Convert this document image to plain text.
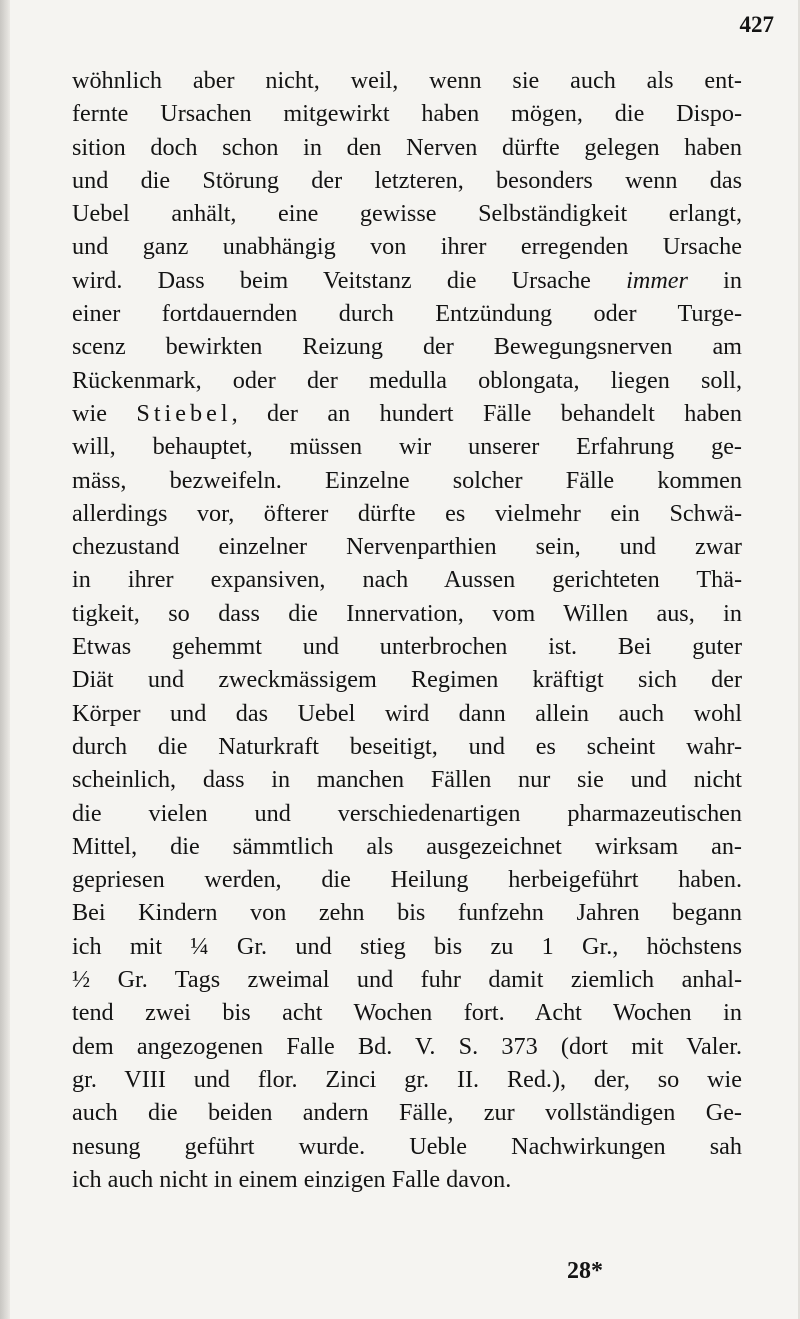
427
wöhnlich aber nicht, weil, wenn sie auch als ent-
fernte Ursachen mitgewirkt haben mögen, die Dispo-
sition doch schon in den Nerven dürfte gelegen haben
und die Störung der letzteren, besonders wenn das
Uebel anhält, eine gewisse Selbständigkeit erlangt,
und ganz unabhängig von ihrer erregenden Ursache
wird. Dass beim Veitstanz die Ursache immer in
einer fortdauernden durch Entzündung oder Turge-
scenz bewirkten Reizung der Bewegungsnerven am
Rückenmark, oder der medulla oblongata, liegen soll,
wie Stiebel, der an hundert Fälle behandelt haben
will, behauptet, müssen wir unserer Erfahrung ge-
mäss, bezweifeln. Einzelne solcher Fälle kommen
allerdings vor, öfterer dürfte es vielmehr ein Schwä-
chezustand einzelner Nervenparthien sein, und zwar
in ihrer expansiven, nach Aussen gerichteten Thä-
tigkeit, so dass die Innervation, vom Willen aus, in
Etwas gehemmt und unterbrochen ist. Bei guter
Diät und zweckmässigem Regimen kräftigt sich der
Körper und das Uebel wird dann allein auch wohl
durch die Naturkraft beseitigt, und es scheint wahr-
scheinlich, dass in manchen Fällen nur sie und nicht
die vielen und verschiedenartigen pharmazeutischen
Mittel, die sämmtlich als ausgezeichnet wirksam an-
gepriesen werden, die Heilung herbeigeführt haben.
Bei Kindern von zehn bis funfzehn Jahren begann
ich mit ¼ Gr. und stieg bis zu 1 Gr., höchstens
½ Gr. Tags zweimal und fuhr damit ziemlich anhal-
tend zwei bis acht Wochen fort. Acht Wochen in
dem angezogenen Falle Bd. V. S. 373 (dort mit Valer.
gr. VIII und flor. Zinci gr. II. Red.), der, so wie
auch die beiden andern Fälle, zur vollständigen Ge-
nesung geführt wurde. Ueble Nachwirkungen sah
ich auch nicht in einem einzigen Falle davon.
28*
